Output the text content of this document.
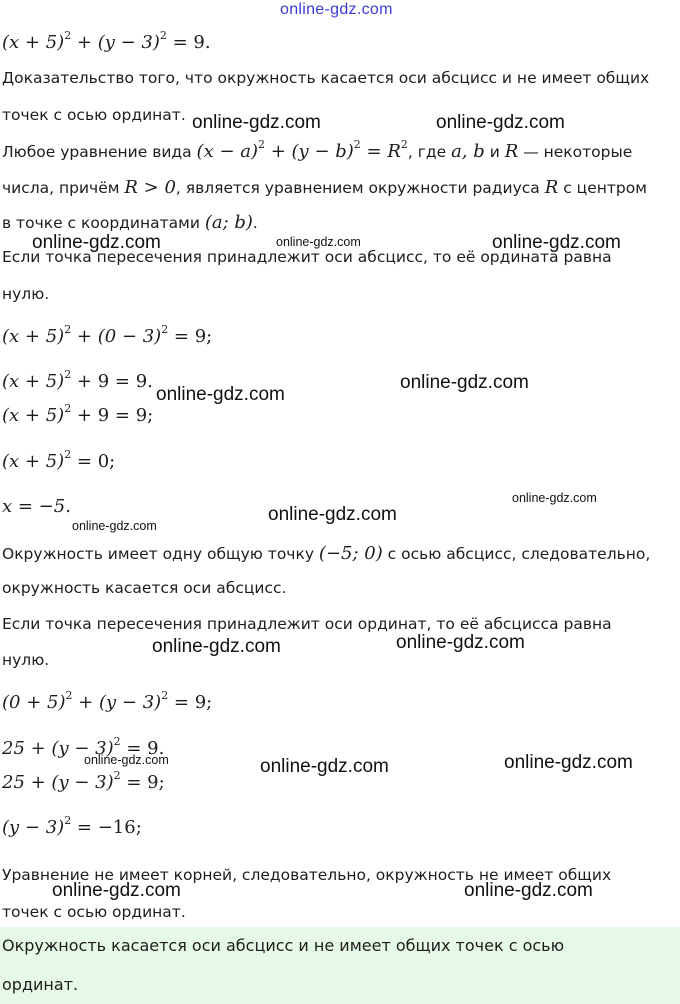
online-gdz.com
$(x + 5)^2 + (y - 3)^2 = 9$.
Доказательство того, что окружность касается оси абсцисс и не имеет общих
точек с осью ординат.
Любое уравнение вида $(x - a)^2 + (y - b)^2 = R^2$, где a, b и R — некоторые
числа, причём R > 0, является уравнением окружности радиуса R с центром
в точке с координатами (a; b).
Если точка пересечения принадлежит оси абсцисс, то её ордината равна
нулю.
$(x + 5)^2 + (0 - 3)^2 = 9$;
$(x + 5)^2 + 9 = 9$.
$(x + 5)^2 + 9 = 9$;
$(x + 5)^2 = 0$;
x = −5.
Окружность имеет одну общую точку (−5; 0) с осью абсцисс, следовательно,
окружность касается оси абсцисс.
Если точка пересечения принадлежит оси ординат, то её абсцисса равна
нулю.
$(0 + 5)^2 + (y - 3)^2 = 9$;
$25 + (y - 3)^2 = 9$.
$25 + (y - 3)^2 = 9$;
$(y - 3)^2 = -16$;
Уравнение не имеет корней, следовательно, окружность не имеет общих
точек с осью ординат.
Окружность касается оси абсцисс и не имеет общих точек с осью
ординат.
online-gdz.com	online-gdz.com
online-gdz.com	online-gdz.com	online-gdz.com
online-gdz.com
online-gdz.com
online-gdz.com
online-gdz.com
online-gdz.com
online-gdz.com
online-gdz.com
online-gdz.com	online-gdz.com
online-gdz.com
online-gdz.com	online-gdz.com
